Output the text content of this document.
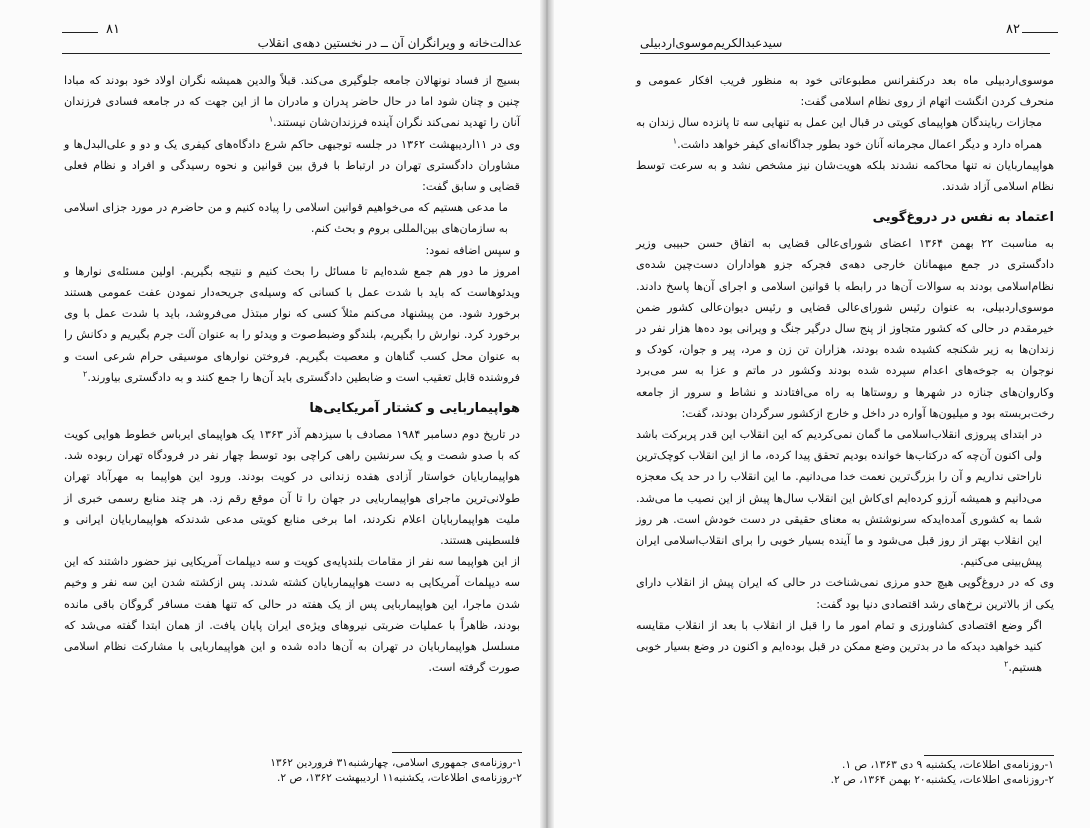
۸۱
عدالت‌خانه و ویرانگران آن ــ در نخستین دهه‌ی انقلاب

بسیج از فساد نونهالان جامعه جلوگیری می‌کند. قبلاً والدین همیشه نگران اولاد خود بودند که مبادا چنین و چنان شود اما در حال حاضر پدران و مادران ما از این جهت که در جامعه فسادی فرزندان آنان را تهدید نمی‌کند نگران آینده فرزندان‌شان نیستند.$^۱$

وی در ۱۱اردیبهشت ۱۳۶۲ در جلسه توجیهی حاکم شرع دادگاه‌های کیفری یک و دو و علی‌البدل‌ها و مشاوران دادگستری تهران در ارتباط با فرق بین قوانین و نحوه رسیدگی و افراد و نظام فعلی قضایی و سابق گفت:

ما مدعی هستیم که می‌خواهیم قوانین اسلامی را پیاده کنیم و من حاضرم در مورد جزای اسلامی به سازمان‌های بین‌المللی بروم و بحث کنم.

و سپس اضافه نمود:

امروز ما دور هم جمع شده‌ایم تا مسائل را بحث کنیم و نتیجه بگیریم. اولین مسئله‌ی نوارها و ویدئوهاست که باید با شدت عمل با کسانی که وسیله‌ی جریحه‌دار نمودن عفت عمومی هستند برخورد شود. من پیشنهاد می‌کنم مثلاً کسی که نوار مبتذل می‌فروشد، باید با شدت عمل با وی برخورد کرد. نوارش را بگیریم، بلندگو وضبط‌صوت و ویدئو را به عنوان آلت جرم بگیریم و دکانش را به عنوان محل کسب گناهان و معصیت بگیریم. فروختن نوارهای موسیقی حرام شرعی است و فروشنده قابل تعقیب است و ضابطین دادگستری باید آن‌ها را جمع کنند و به دادگستری بیاورند.$^۲$

هواپیماربایی و کشتار آمریکایی‌ها

در تاریخ دوم دسامبر ۱۹۸۴ مصادف با سیزدهم آذر ۱۳۶۳ یک هواپیمای ایرباس خطوط هوایی کویت که با صدو شصت و یک سرنشین راهی کراچی بود توسط چهار نفر در فرودگاه تهران ربوده شد. هواپیماربایان خواستار آزادی هفده زندانی در کویت بودند. ورود این هواپیما به مهرآباد تهران طولانی‌ترین ماجرای هواپیماربایی در جهان را تا آن موقع رقم زد. هر چند منابع رسمی خبری از ملیت هواپیماربایان اعلام نکردند، اما برخی منابع کویتی مدعی شدندکه هواپیماربایان ایرانی و فلسطینی هستند.

از این هواپیما سه نفر از مقامات بلندپایه‌ی کویت و سه دیپلمات آمریکایی نیز حضور داشتند که این سه دیپلمات آمریکایی به دست هواپیماربایان کشته شدند. پس ازکشته شدن این سه نفر و وخیم شدن ماجرا، این هواپیماربایی پس از یک هفته در حالی که تنها هفت مسافر گروگان باقی مانده بودند، ظاهراً با عملیات ضربتی نیروهای ویژه‌ی ایران پایان یافت. از همان ابتدا گفته می‌شد که مسلسل هواپیماربایان در تهران به آن‌ها داده شده و این هواپیماربایی با مشارکت نظام اسلامی صورت گرفته است.

۱-روزنامه‌ی جمهوری اسلامی، چهارشنبه۳۱ فروردین ۱۳۶۲

۲-روزنامه‌ی اطلاعات، یکشنبه۱۱ اردیبهشت ۱۳۶۲، ص ۲.

۸۲
سیدعبدالکریم‌موسوی‌اردبیلی

موسوی‌اردبیلی ماه بعد درکنفرانس مطبوعاتی خود به منظور فریب افکار عمومی و منحرف کردن انگشت اتهام از روی نظام اسلامی گفت:

مجازات ربایندگان هواپیمای کویتی در قبال این عمل به تنهایی سه تا پانزده سال زندان به همراه دارد و دیگر اعمال مجرمانه آنان خود بطور جداگانه‌ای کیفر خواهد داشت.$^۱$

هواپیماربایان نه تنها محاکمه نشدند بلکه هویت‌شان نیز مشخص نشد و به سرعت توسط نظام اسلامی آزاد شدند.

اعتماد به نفس در دروغ‌گویی

به مناسبت ۲۲ بهمن ۱۳۶۴ اعضای شورای‌عالی قضایی به اتفاق حسن حبیبی وزیر دادگستری در جمع میهمانان خارجی دهه‌ی فجرکه جزو هواداران دست‌چین شده‌ی نظام‌اسلامی بودند به سوالات آن‌ها در رابطه با قوانین اسلامی و اجرای آن‌ها پاسخ دادند. موسوی‌اردبیلی، به عنوان رئیس شورای‌عالی قضایی و رئیس دیوان‌عالی کشور ضمن خیرمقدم در حالی که کشور متجاوز از پنج سال درگیر جنگ و ویرانی بود ده‌ها هزار نفر در زندان‌ها به زیر شکنجه کشیده شده بودند، هزاران تن زن و مرد، پیر و جوان، کودک و نوجوان به جوخه‌های اعدام سپرده شده بودند وکشور در ماتم و عزا به سر می‌برد وکاروان‌های جنازه در شهرها و روستاها به راه می‌افتادند و نشاط و سرور از جامعه رخت‌بربسته بود و میلیون‌ها آواره در داخل و خارج ازکشور سرگردان بودند، گفت:

در ابتدای پیروزی انقلاب‌اسلامی ما گمان نمی‌کردیم که این انقلاب این قدر پربرکت باشد ولی اکنون آن‌چه که درکتاب‌ها خوانده بودیم تحقق پیدا کرده، ما از این انقلاب کوچک‌ترین ناراحتی نداریم و آن را بزرگ‌ترین نعمت خدا می‌دانیم. ما این انقلاب را در حد یک معجزه می‌دانیم و همیشه آرزو کرده‌ایم ای‌کاش این انقلاب سال‌ها پیش از این نصیب ما می‌شد. شما به کشوری آمده‌ایدکه سرنوشتش به معنای حقیقی در دست خودش است. هر روز این انقلاب بهتر از روز قبل می‌شود و ما آینده بسیار خوبی را برای انقلاب‌اسلامی ایران پیش‌بینی می‌کنیم.

وی که در دروغ‌گویی هیچ حدو مرزی نمی‌شناخت در حالی که ایران پیش از انقلاب دارای یکی از بالاترین نرخ‌های رشد اقتصادی دنیا بود گفت:

اگر وضع اقتصادی کشاورزی و تمام امور ما را قبل از انقلاب با بعد از انقلاب مقایسه کنید خواهید دیدکه ما در بدترین وضع ممکن در قبل بوده‌ایم و اکنون در وضع بسیار خوبی هستیم.$^۲$

۱-روزنامه‌ی اطلاعات، یکشنبه ۹ دی ۱۳۶۳، ص ۱.

۲-روزنامه‌ی اطلاعات، یکشنبه۲۰ بهمن ۱۳۶۴، ص ۲.
